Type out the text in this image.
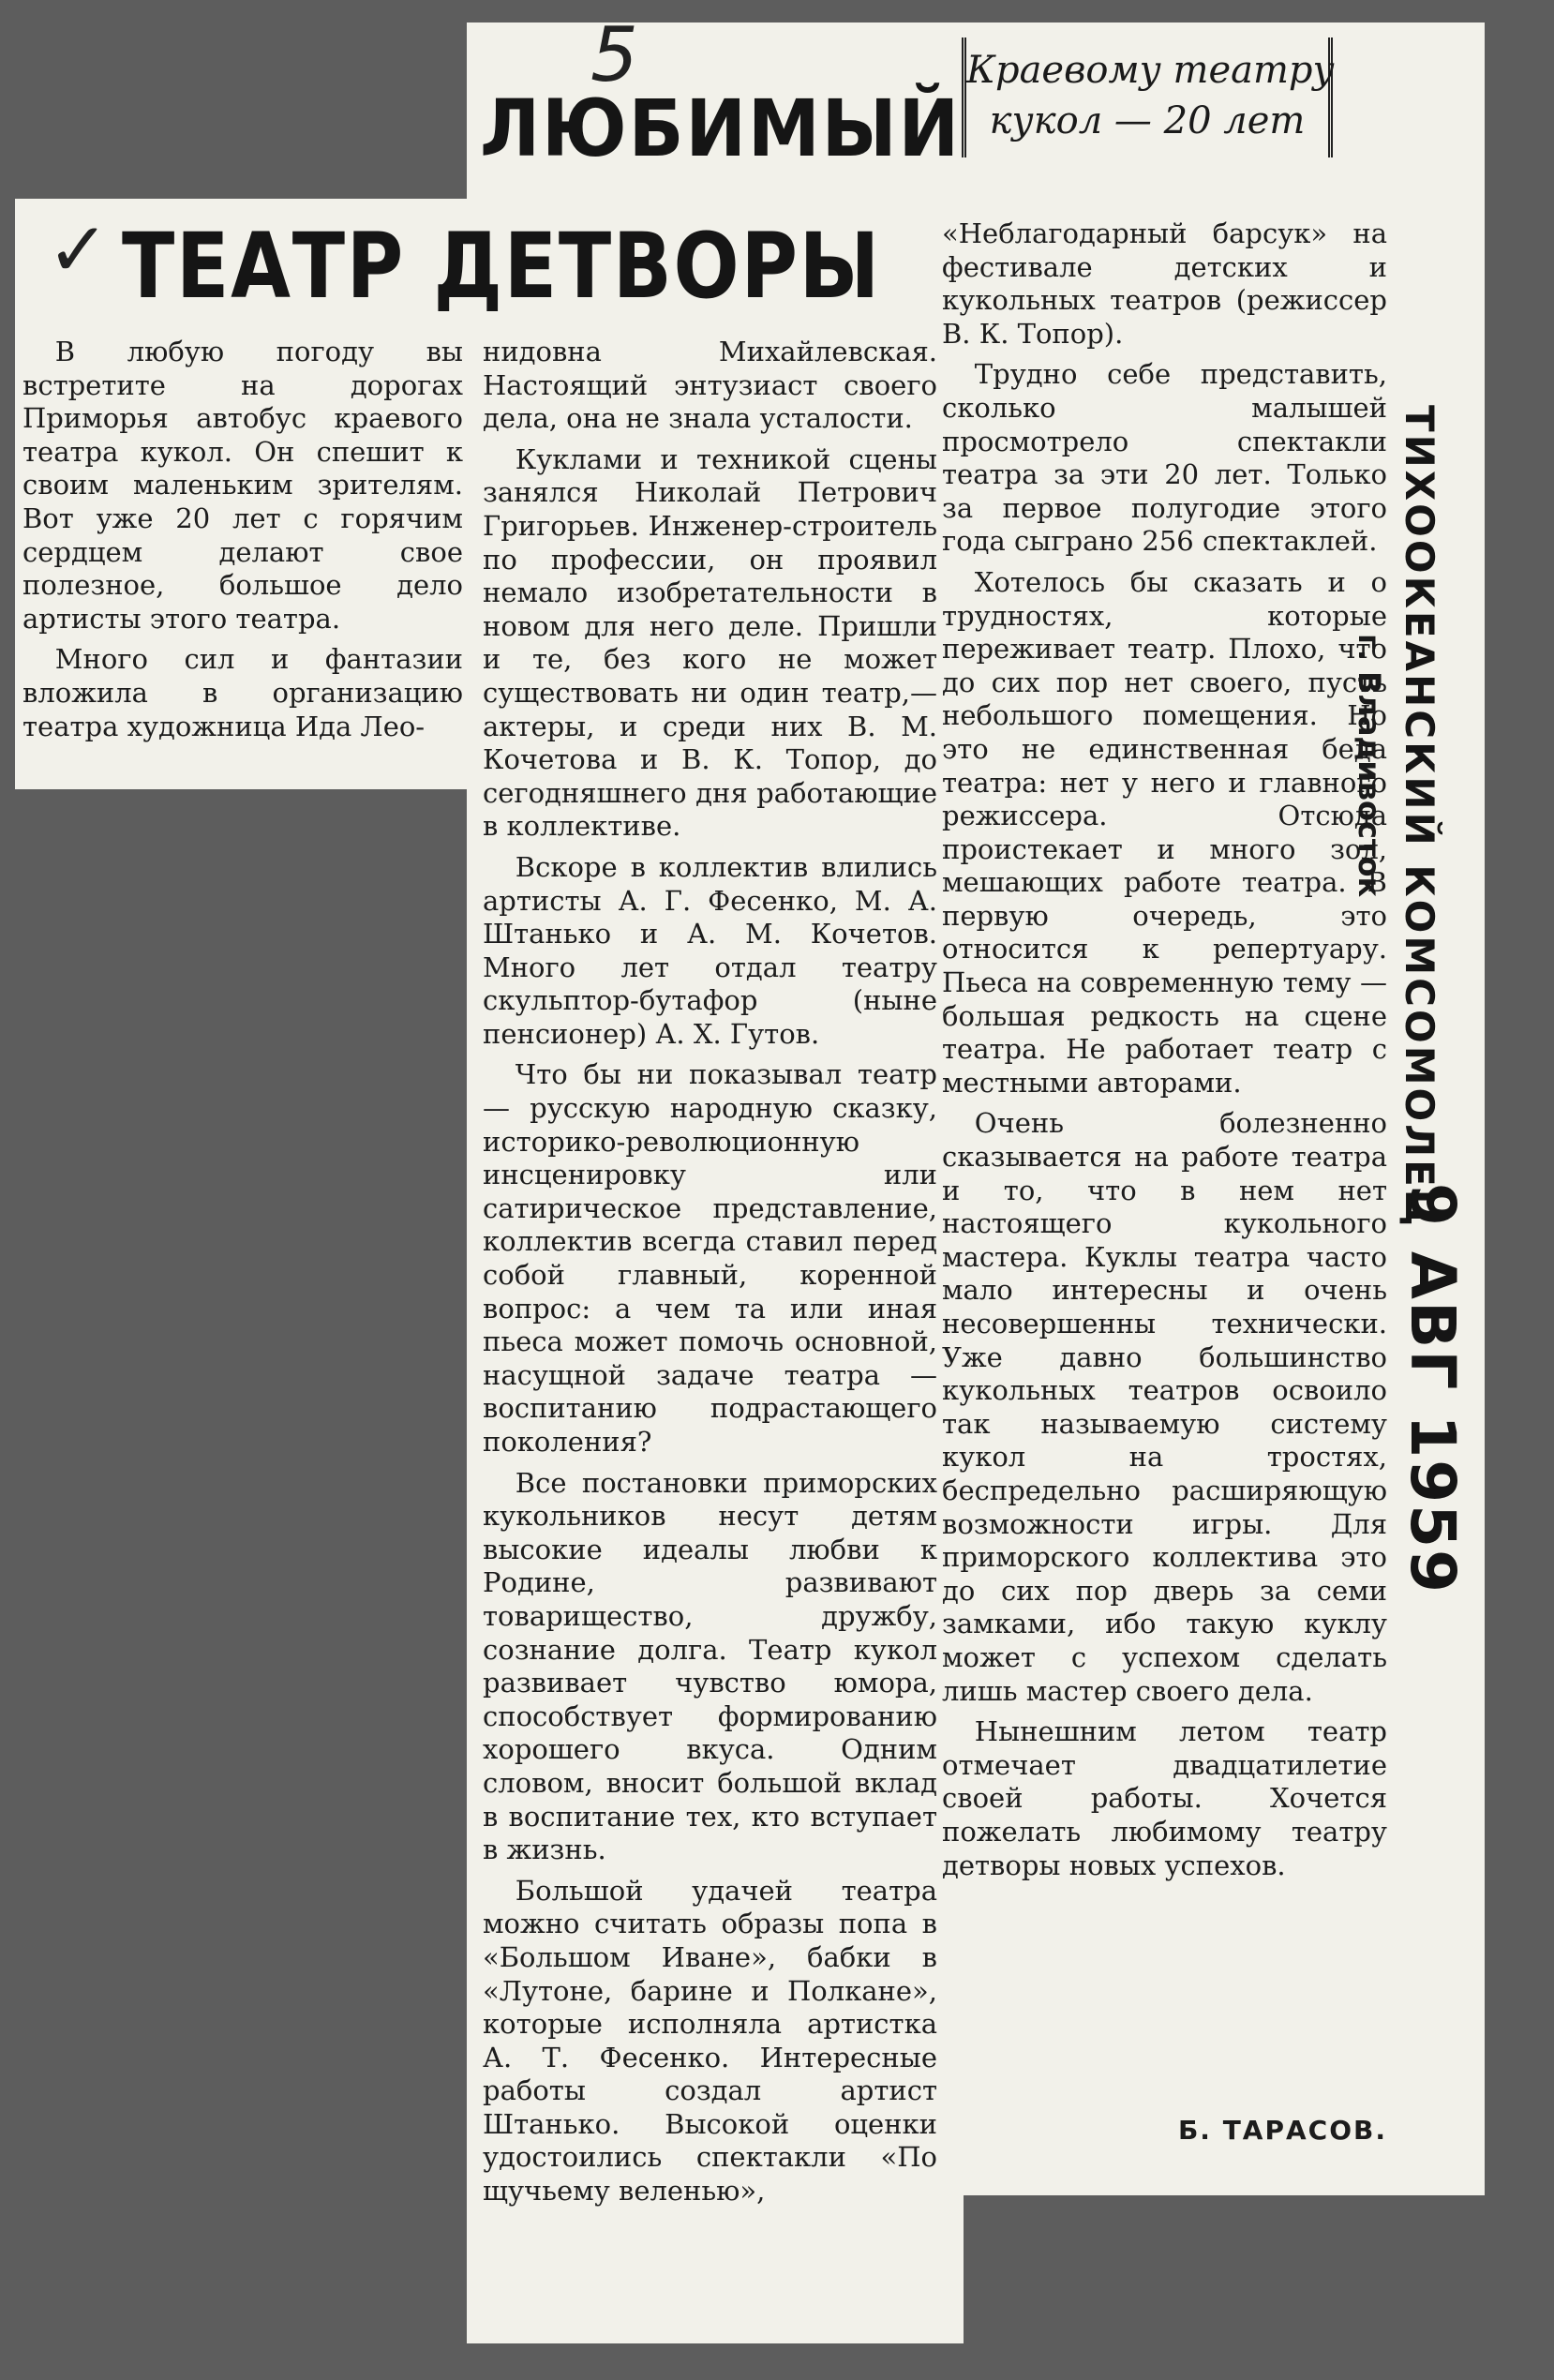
5
✓
ЛЮБИМЫЙ
ТЕАТР ДЕТВОРЫ
Краевому театру
кукол — 20 лет

В любую погоду вы встретите на дорогах Приморья автобус краевого театра кукол. Он спешит к своим маленьким зрителям. Вот уже 20 лет с горячим сердцем делают свое полезное, большое дело артисты этого театра.

Много сил и фантазии вложила в организацию театра художница Ида Лео-

нидовна Михайлевская. Настоящий энтузиаст своего дела, она не знала усталости.

Куклами и техникой сцены занялся Николай Петрович Григорьев. Инженер-строитель по профессии, он проявил немало изобретательности в новом для него деле. Пришли и те, без кого не может существовать ни один театр,— актеры, и среди них В. М. Кочетова и В. К. Топор, до сегодняшнего дня работающие в коллективе.

Вскоре в коллектив влились артисты А. Г. Фесенко, М. А. Штанько и А. М. Кочетов. Много лет отдал театру скульптор-бутафор (ныне пенсионер) А. Х. Гутов.

Что бы ни показывал театр — русскую народную сказку, историко-революционную инсценировку или сатирическое представление, коллектив всегда ставил перед собой главный, коренной вопрос: а чем та или иная пьеса может помочь основной, насущной задаче театра —воспитанию подрастающего поколения?

Все постановки приморских кукольников несут детям высокие идеалы любви к Родине, развивают товарищество, дружбу, сознание долга. Театр кукол развивает чувство юмора, способствует формированию хорошего вкуса. Одним словом, вносит большой вклад в воспитание тех, кто вступает в жизнь.

Большой удачей театра можно считать образы попа в «Большом Иване», бабки в «Лутоне, барине и Полкане», которые исполняла артистка А. Т. Фесенко. Интересные работы создал артист Штанько. Высокой оценки удостоились спектакли «По щучьему веленью»,

«Неблагодарный барсук» на фестивале детских и кукольных театров (режиссер В. К. Топор).

Трудно себе представить, сколько малышей просмотрело спектакли театра за эти 20 лет. Только за первое полугодие этого года сыграно 256 спектаклей.

Хотелось бы сказать и о трудностях, которые переживает театр. Плохо, что до сих пор нет своего, пусть небольшого помещения. Но это не единственная беда театра: нет у него и главного режиссера. Отсюда проистекает и много зол, мешающих работе театра. В первую очередь, это относится к репертуару. Пьеса на современную тему — большая редкость на сцене театра. Не работает театр с местными авторами.

Очень болезненно сказывается на работе театра и то, что в нем нет настоящего кукольного мастера. Куклы театра часто мало интересны и очень несовершенны технически. Уже давно большинство кукольных театров освоило так называемую систему кукол на тростях, беспредельно расширяющую возможности игры. Для приморского коллектива это до сих пор дверь за семи замками, ибо такую куклу может с успехом сделать лишь мастер своего дела.

Нынешним летом театр отмечает двадцатилетие своей работы. Хочется пожелать любимому театру детворы новых успехов.

Б. ТАРАСОВ.
ТИХООКЕАНСКИЙ КОМСОМОЛЕЦ
г. Владивосток
9 АВГ 1959
